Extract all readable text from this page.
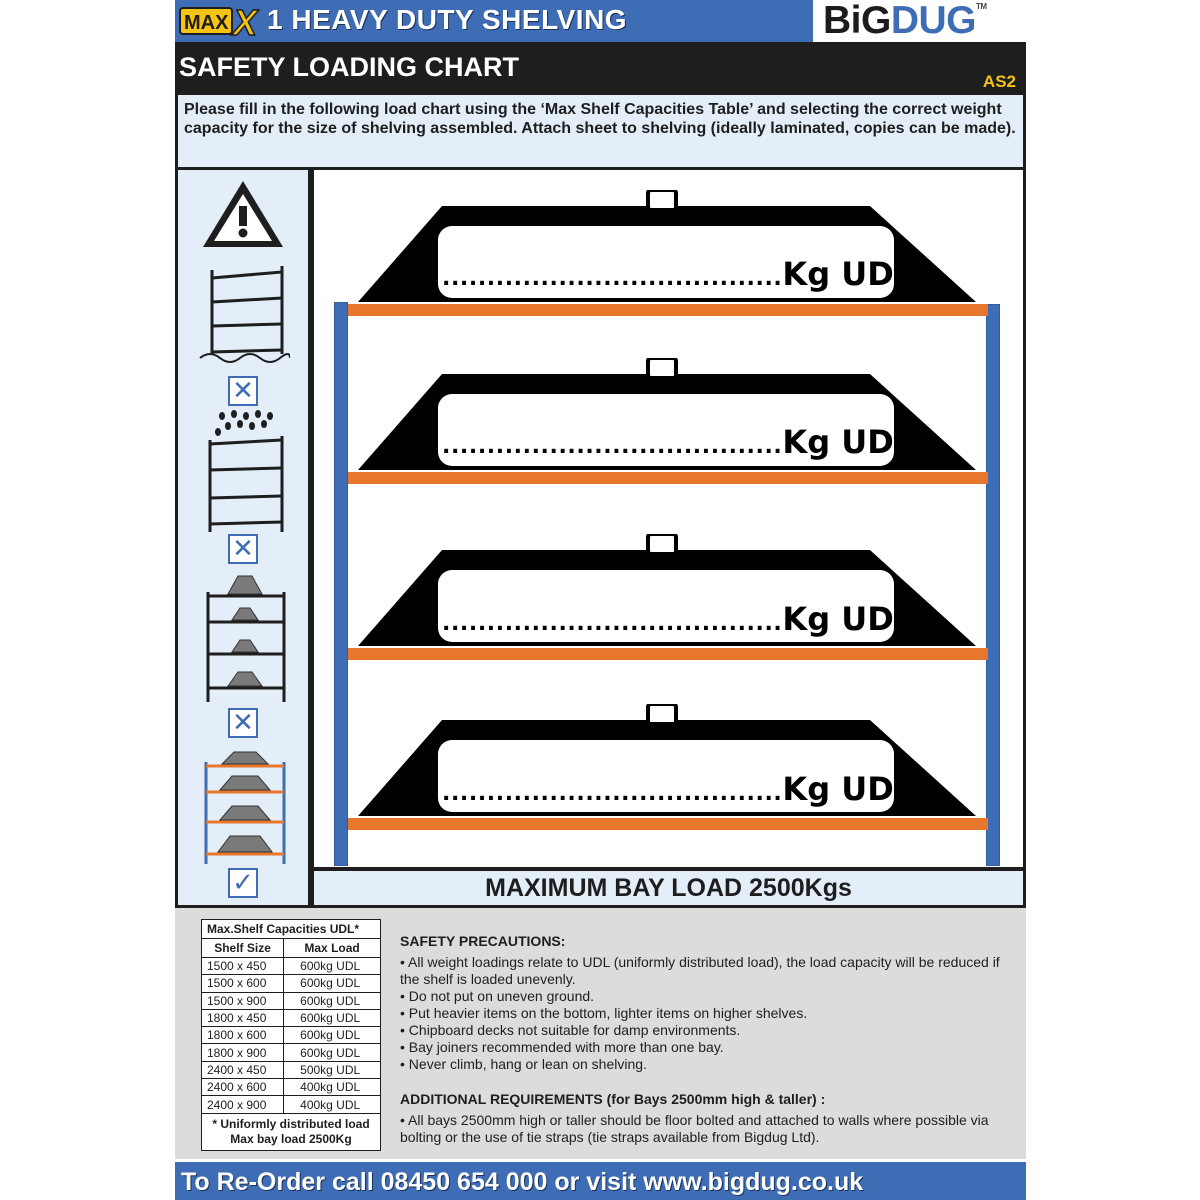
MAX X 1 HEAVY DUTY SHELVING	BiGDUG™
SAFETY LOADING CHART	AS2

Please fill in the following load chart using the ‘Max Shelf Capacities Table’ and selecting the correct weight capacity for the size of shelving assembled. Attach sheet to shelving (ideally laminated, copies can be made).

✕
✕
✕
✓
......................................Kg UDL
......................................Kg UDL
......................................Kg UDL
......................................Kg UDL
MAXIMUM BAY LOAD 2500Kgs
Max.Shelf Capacities UDL*	
Shelf Size	Max Load
1500 x 450	600kg UDL
1500 x 600	600kg UDL
1500 x 900	600kg UDL
1800 x 450	600kg UDL
1800 x 600	600kg UDL
1800 x 900	600kg UDL
2400 x 450	500kg UDL
2400 x 600	400kg UDL
2400 x 900	400kg UDL

* Uniformly distributed load
Max bay load 2500Kg	
SAFETY PRECAUTIONS:
• All weight loadings relate to UDL (uniformly distributed load), the load capacity will be reduced if the shelf is loaded unevenly.
• Do not put on uneven ground.
• Put heavier items on the bottom, lighter items on higher shelves.
• Chipboard decks not suitable for damp environments.
• Bay joiners recommended with more than one bay.
• Never climb, hang or lean on shelving.
ADDITIONAL REQUIREMENTS (for Bays 2500mm high & taller) :
• All bays 2500mm high or taller should be floor bolted and attached to walls where possible via bolting or the use of tie straps (tie straps available from Bigdug Ltd).
To Re-Order call 08450 654 000 or visit www.bigdug.co.uk
